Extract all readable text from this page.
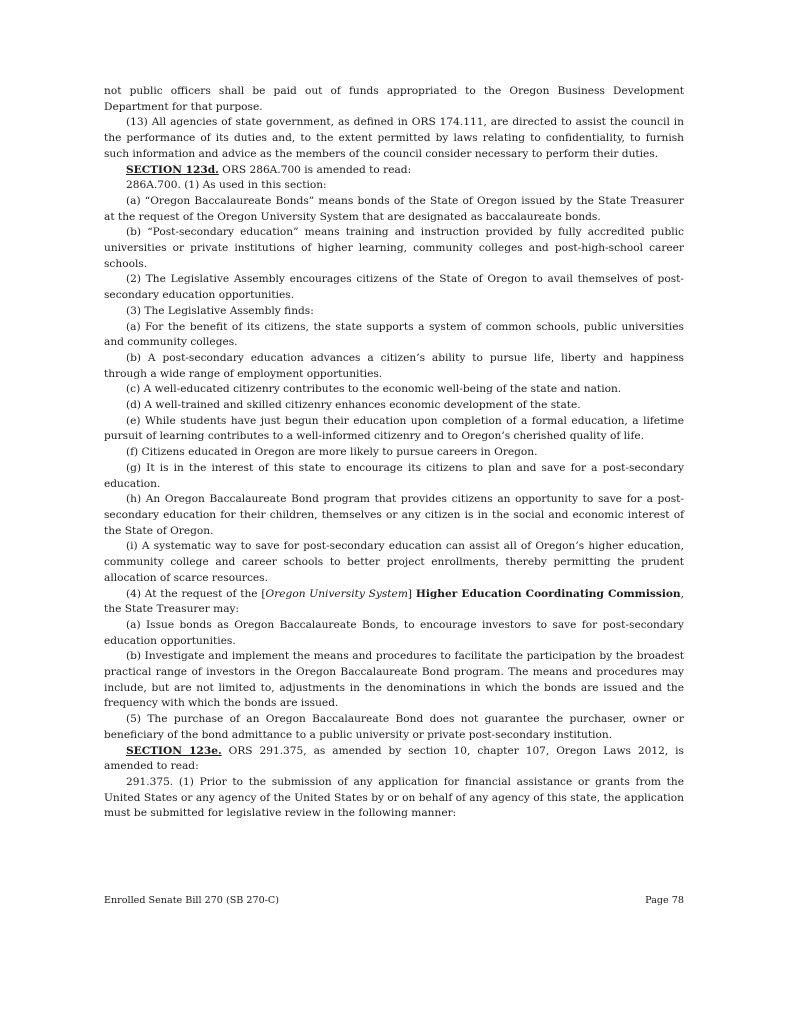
not public officers shall be paid out of funds appropriated to the Oregon Business Development Department for that purpose.

(13) All agencies of state government, as defined in ORS 174.111, are directed to assist the council in the performance of its duties and, to the extent permitted by laws relating to confidentiality, to furnish such information and advice as the members of the council consider necessary to perform their duties.

SECTION 123d. ORS 286A.700 is amended to read:

286A.700. (1) As used in this section:

(a) “Oregon Baccalaureate Bonds” means bonds of the State of Oregon issued by the State Treasurer at the request of the Oregon University System that are designated as baccalaureate bonds.

(b) “Post-secondary education” means training and instruction provided by fully accredited public universities or private institutions of higher learning, community colleges and post-high-school career schools.

(2) The Legislative Assembly encourages citizens of the State of Oregon to avail themselves of post-secondary education opportunities.

(3) The Legislative Assembly finds:

(a) For the benefit of its citizens, the state supports a system of common schools, public universities and community colleges.

(b) A post-secondary education advances a citizen’s ability to pursue life, liberty and happiness through a wide range of employment opportunities.

(c) A well-educated citizenry contributes to the economic well-being of the state and nation.

(d) A well-trained and skilled citizenry enhances economic development of the state.

(e) While students have just begun their education upon completion of a formal education, a lifetime pursuit of learning contributes to a well-informed citizenry and to Oregon’s cherished quality of life.

(f) Citizens educated in Oregon are more likely to pursue careers in Oregon.

(g) It is in the interest of this state to encourage its citizens to plan and save for a post-secondary education.

(h) An Oregon Baccalaureate Bond program that provides citizens an opportunity to save for a post-secondary education for their children, themselves or any citizen is in the social and economic interest of the State of Oregon.

(i) A systematic way to save for post-secondary education can assist all of Oregon’s higher education, community college and career schools to better project enrollments, thereby permitting the prudent allocation of scarce resources.

(4) At the request of the [Oregon University System] Higher Education Coordinating Commission, the State Treasurer may:

(a) Issue bonds as Oregon Baccalaureate Bonds, to encourage investors to save for post-secondary education opportunities.

(b) Investigate and implement the means and procedures to facilitate the participation by the broadest practical range of investors in the Oregon Baccalaureate Bond program. The means and procedures may include, but are not limited to, adjustments in the denominations in which the bonds are issued and the frequency with which the bonds are issued.

(5) The purchase of an Oregon Baccalaureate Bond does not guarantee the purchaser, owner or beneficiary of the bond admittance to a public university or private post-secondary institution.

SECTION 123e. ORS 291.375, as amended by section 10, chapter 107, Oregon Laws 2012, is amended to read:

291.375. (1) Prior to the submission of any application for financial assistance or grants from the United States or any agency of the United States by or on behalf of any agency of this state, the application must be submitted for legislative review in the following manner:

Enrolled Senate Bill 270 (SB 270-C)	Page 78
